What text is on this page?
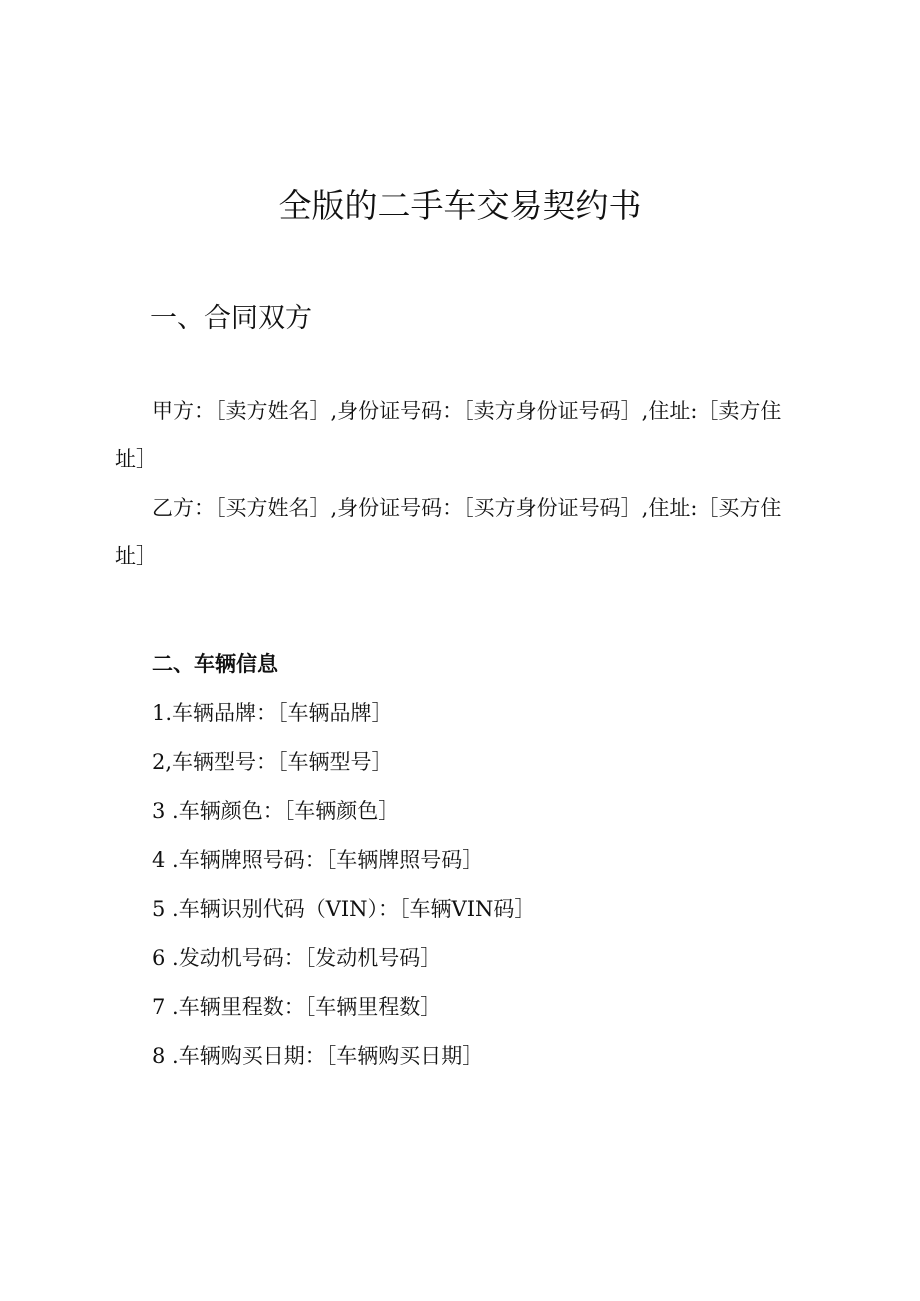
全版的二手车交易契约书
一、合同双方

甲方：［卖方姓名］,身份证号码：［卖方身份证号码］,住址:［卖方住址］

乙方：［买方姓名］,身份证号码：［买方身份证号码］,住址:［买方住址］

二、车辆信息
1.车辆品牌：［车辆品牌］
2,车辆型号：［车辆型号］
3 .车辆颜色：［车辆颜色］
4 .车辆牌照号码：［车辆牌照号码］
5 .车辆识别代码（VIN）：［车辆VIN码］
6 .发动机号码：［发动机号码］
7 .车辆里程数：［车辆里程数］
8 .车辆购买日期：［车辆购买日期］
